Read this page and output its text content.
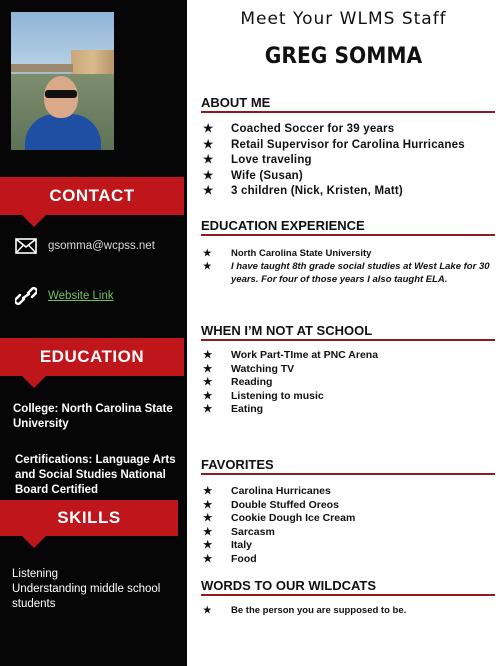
CONTACT
gsomma@wcpss.net
Website Link
EDUCATION
College: North Carolina State University
Certifications: Language Arts and Social Studies National Board Certified
SKILLS
Listening
Understanding middle school students
Meet Your WLMS Staff
GREG SOMMA
ABOUT ME
★ Coached Soccer for 39 years
★ Retail Supervisor for Carolina Hurricanes
★ Love traveling
★ Wife (Susan)
★ 3 children (Nick, Kristen, Matt)
EDUCATION EXPERIENCE
★ North Carolina State University
★ I have taught 8th grade social studies at West Lake for 30 years. For four of those years I also taught ELA.
WHEN I’M NOT AT SCHOOL
★ Work Part-TIme at PNC Arena
★ Watching TV
★ Reading
★ Listening to music
★ Eating
FAVORITES
★ Carolina Hurricanes
★ Double Stuffed Oreos
★ Cookie Dough Ice Cream
★ Sarcasm
★ Italy
★ Food
WORDS TO OUR WILDCATS
★ Be the person you are supposed to be.
